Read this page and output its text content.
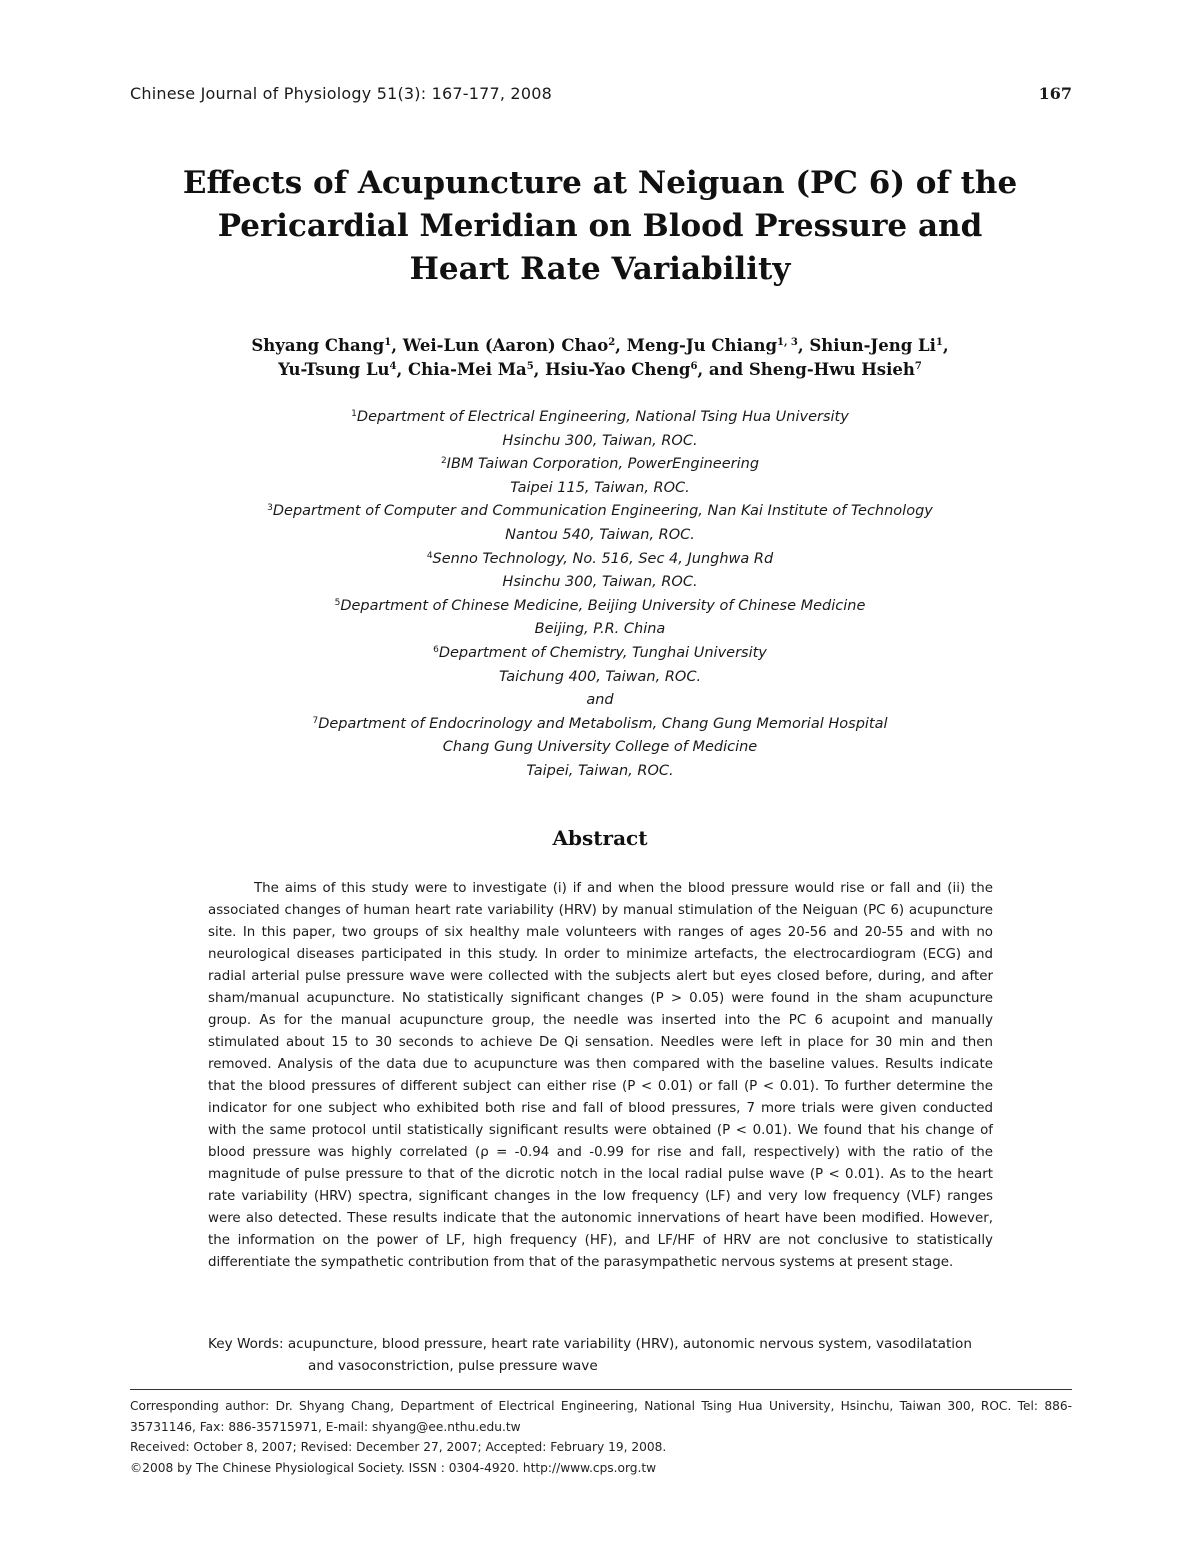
Chinese Journal of Physiology 51(3): 167-177, 2008	167
Effects of Acupuncture at Neiguan (PC 6) of the
Pericardial Meridian on Blood Pressure and
Heart Rate Variability
Shyang Chang$^1$, Wei-Lun (Aaron) Chao$^2$, Meng-Ju Chiang$^{1, 3}$, Shiun-Jeng Li$^1$,
Yu-Tsung Lu$^4$, Chia-Mei Ma$^5$, Hsiu-Yao Cheng$^6$, and Sheng-Hwu Hsieh$^7$
$^1$Department of Electrical Engineering, National Tsing Hua University
Hsinchu 300, Taiwan, ROC.
$^2$IBM Taiwan Corporation, PowerEngineering
Taipei 115, Taiwan, ROC.
$^3$Department of Computer and Communication Engineering, Nan Kai Institute of Technology
Nantou 540, Taiwan, ROC.
$^4$Senno Technology, No. 516, Sec 4, Junghwa Rd
Hsinchu 300, Taiwan, ROC.
$^5$Department of Chinese Medicine, Beijing University of Chinese Medicine
Beijing, P.R. China
$^6$Department of Chemistry, Tunghai University
Taichung 400, Taiwan, ROC.
and
$^7$Department of Endocrinology and Metabolism, Chang Gung Memorial Hospital
Chang Gung University College of Medicine
Taipei, Taiwan, ROC.
Abstract
The aims of this study were to investigate (i) if and when the blood pressure would rise or fall and (ii) the associated changes of human heart rate variability (HRV) by manual stimulation of the Neiguan (PC 6) acupuncture site. In this paper, two groups of six healthy male volunteers with ranges of ages 20-56 and 20-55 and with no neurological diseases participated in this study. In order to minimize artefacts, the electrocardiogram (ECG) and radial arterial pulse pressure wave were collected with the subjects alert but eyes closed before, during, and after sham/manual acupuncture. No statistically significant changes (P > 0.05) were found in the sham acupuncture group. As for the manual acupuncture group, the needle was inserted into the PC 6 acupoint and manually stimulated about 15 to 30 seconds to achieve De Qi sensation. Needles were left in place for 30 min and then removed. Analysis of the data due to acupuncture was then compared with the baseline values. Results indicate that the blood pressures of different subject can either rise (P < 0.01) or fall (P < 0.01). To further determine the indicator for one subject who exhibited both rise and fall of blood pressures, 7 more trials were given conducted with the same protocol until statistically significant results were obtained (P < 0.01). We found that his change of blood pressure was highly correlated (ρ = -0.94 and -0.99 for rise and fall, respectively) with the ratio of the magnitude of pulse pressure to that of the dicrotic notch in the local radial pulse wave (P < 0.01). As to the heart rate variability (HRV) spectra, significant changes in the low frequency (LF) and very low frequency (VLF) ranges were also detected. These results indicate that the autonomic innervations of heart have been modified. However, the information on the power of LF, high frequency (HF), and LF/HF of HRV are not conclusive to statistically differentiate the sympathetic contribution from that of the parasympathetic nervous systems at present stage.
Key Words: acupuncture, blood pressure, heart rate variability (HRV), autonomic nervous system, vasodilatation and vasoconstriction, pulse pressure wave
Corresponding author: Dr. Shyang Chang, Department of Electrical Engineering, National Tsing Hua University, Hsinchu, Taiwan 300, ROC. Tel: 886-35731146, Fax: 886-35715971, E-mail: shyang@ee.nthu.edu.tw
Received: October 8, 2007; Revised: December 27, 2007; Accepted: February 19, 2008.
©2008 by The Chinese Physiological Society. ISSN : 0304-4920. http://www.cps.org.tw
